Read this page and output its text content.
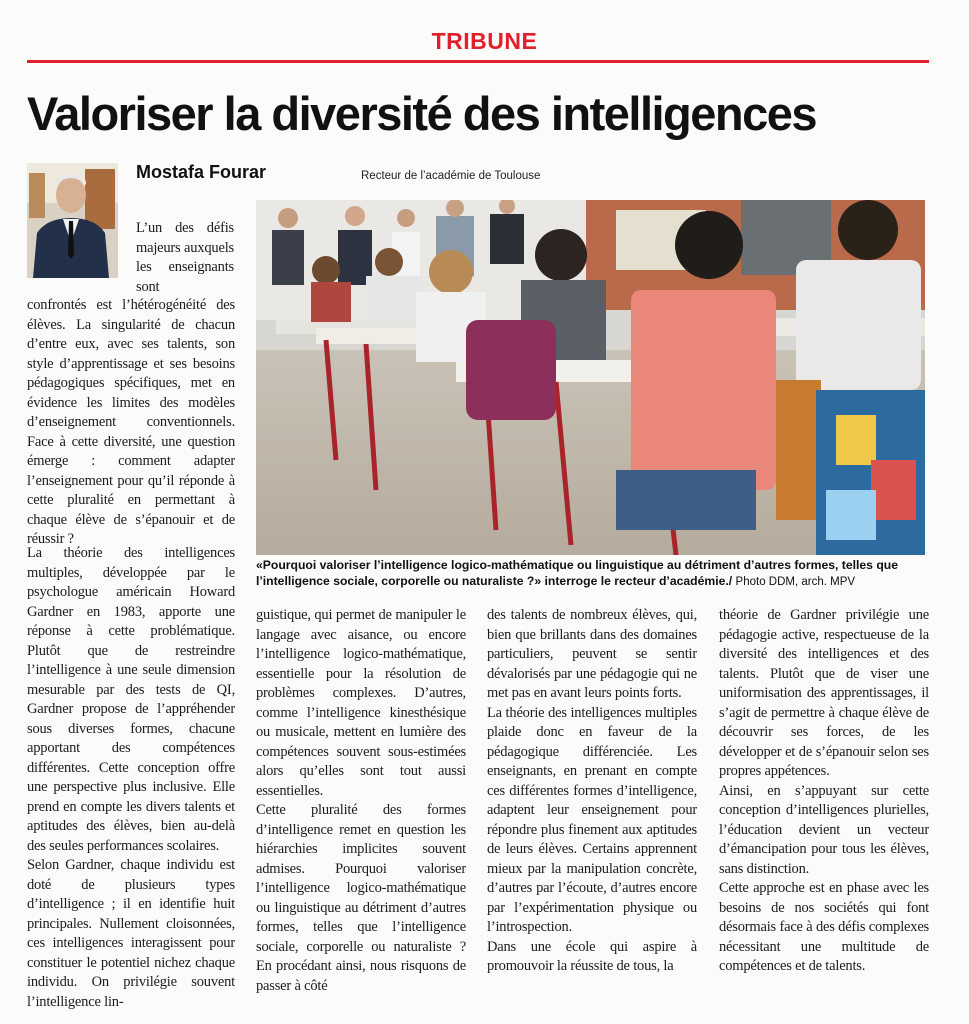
TRIBUNE
Valoriser la diversité des intelligences
Mostafa Fourar	Recteur de l’académie de Toulouse

«Pourquoi valoriser l’intelligence logico-mathématique ou linguistique au détriment d’autres formes, telles que l’intelligence sociale, corporelle ou naturaliste ?» interroge le recteur d’académie./ Photo DDM, arch. MPV

L’un des défis majeurs auxquels les enseignants sont

confrontés est l’hétérogénéité des élèves. La singularité de chacun d’entre eux, avec ses talents, son style d’apprentissage et ses besoins pédagogiques spécifiques, met en évidence les limites des modèles d’enseignement conventionnels. Face à cette diversité, une question émerge : comment adapter l’enseignement pour qu’il réponde à cette pluralité en permettant à chaque élève de s’épanouir et de réussir ?

La théorie des intelligences multiples, développée par le psychologue américain Howard Gardner en 1983, apporte une réponse à cette problématique. Plutôt que de restreindre l’intelligence à une seule dimension mesurable par des tests de QI, Gardner propose de l’appréhender sous diverses formes, chacune apportant des compétences différentes. Cette conception offre une perspective plus inclusive. Elle prend en compte les divers talents et aptitudes des élèves, bien au-delà des seules performances scolaires.

Selon Gardner, chaque individu est doté de plusieurs types d’intelligence ; il en identifie huit principales. Nullement cloisonnées, ces intelligences interagissent pour constituer le potentiel nichez chaque individu. On privilégie souvent l’intelligence lin-

guistique, qui permet de manipuler le langage avec aisance, ou encore l’intelligence logico-mathématique, essentielle pour la résolution de problèmes complexes. D’autres, comme l’intelligence kinesthésique ou musicale, mettent en lumière des compétences souvent sous-estimées alors qu’elles sont tout aussi essentielles.

Cette pluralité des formes d’intelligence remet en question les hiérarchies implicites souvent admises. Pourquoi valoriser l’intelligence logico-mathématique ou linguistique au détriment d’autres formes, telles que l’intelligence sociale, corporelle ou naturaliste ? En procédant ainsi, nous risquons de passer à côté

des talents de nombreux élèves, qui, bien que brillants dans des domaines particuliers, peuvent se sentir dévalorisés par une pédagogie qui ne met pas en avant leurs points forts.

La théorie des intelligences multiples plaide donc en faveur de la pédagogique différenciée. Les enseignants, en prenant en compte ces différentes formes d’intelligence, adaptent leur enseignement pour répondre plus finement aux aptitudes de leurs élèves. Certains apprennent mieux par la manipulation concrète, d’autres par l’écoute, d’autres encore par l’expérimentation physique ou l’introspection.

Dans une école qui aspire à promouvoir la réussite de tous, la

théorie de Gardner privilégie une pédagogie active, respectueuse de la diversité des intelligences et des talents. Plutôt que de viser une uniformisation des apprentissages, il s’agit de permettre à chaque élève de découvrir ses forces, de les développer et de s’épanouir selon ses propres appétences.

Ainsi, en s’appuyant sur cette conception d’intelligences plurielles, l’éducation devient un vecteur d’émancipation pour tous les élèves, sans distinction.

Cette approche est en phase avec les besoins de nos sociétés qui font désormais face à des défis complexes nécessitant une multitude de compétences et de talents.
